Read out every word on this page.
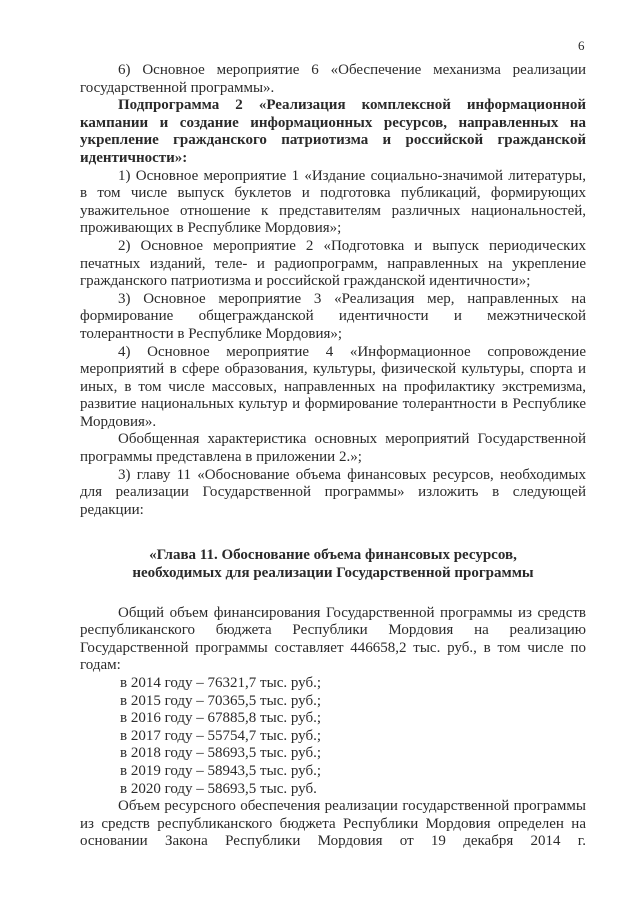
6

6) Основное мероприятие 6 «Обеспечение механизма реализации государственной программы».

Подпрограмма 2 «Реализация комплексной информационной кампании и создание информационных ресурсов, направленных на укрепление гражданского патриотизма и российской гражданской идентичности»:

1) Основное мероприятие 1 «Издание социально-значимой литературы, в том числе выпуск буклетов и подготовка публикаций, формирующих уважительное отношение к представителям различных национальностей, проживающих в Республике Мордовия»;

2) Основное мероприятие 2 «Подготовка и выпуск периодических печатных изданий, теле- и радиопрограмм, направленных на укрепление гражданского патриотизма и российской гражданской идентичности»;

3) Основное мероприятие 3 «Реализация мер, направленных на формирование общегражданской идентичности и межэтнической толерантности в Республике Мордовия»;

4) Основное мероприятие 4 «Информационное сопровождение мероприятий в сфере образования, культуры, физической культуры, спорта и иных, в том числе массовых, направленных на профилактику экстремизма, развитие национальных культур и формирование толерантности в Республике Мордовия».

Обобщенная характеристика основных мероприятий Государственной программы представлена в приложении 2.»;

3) главу 11 «Обоснование объема финансовых ресурсов, необходимых для реализации Государственной программы» изложить в следующей редакции:

«Глава 11. Обоснование объема финансовых ресурсов,
необходимых для реализации Государственной программы

Общий объем финансирования Государственной программы из средств республиканского бюджета Республики Мордовия на реализацию Государственной программы составляет 446658,2 тыс. руб., в том числе по годам:

в 2014 году – 76321,7 тыс. руб.;

в 2015 году – 70365,5 тыс. руб.;

в 2016 году – 67885,8 тыс. руб.;

в 2017 году – 55754,7 тыс. руб.;

в 2018 году – 58693,5 тыс. руб.;

в 2019 году – 58943,5 тыс. руб.;

в 2020 году – 58693,5 тыс. руб.

Объем ресурсного обеспечения реализации государственной программы из средств республиканского бюджета Республики Мордовия определен на основании Закона Республики Мордовия от 19 декабря 2014 г.
